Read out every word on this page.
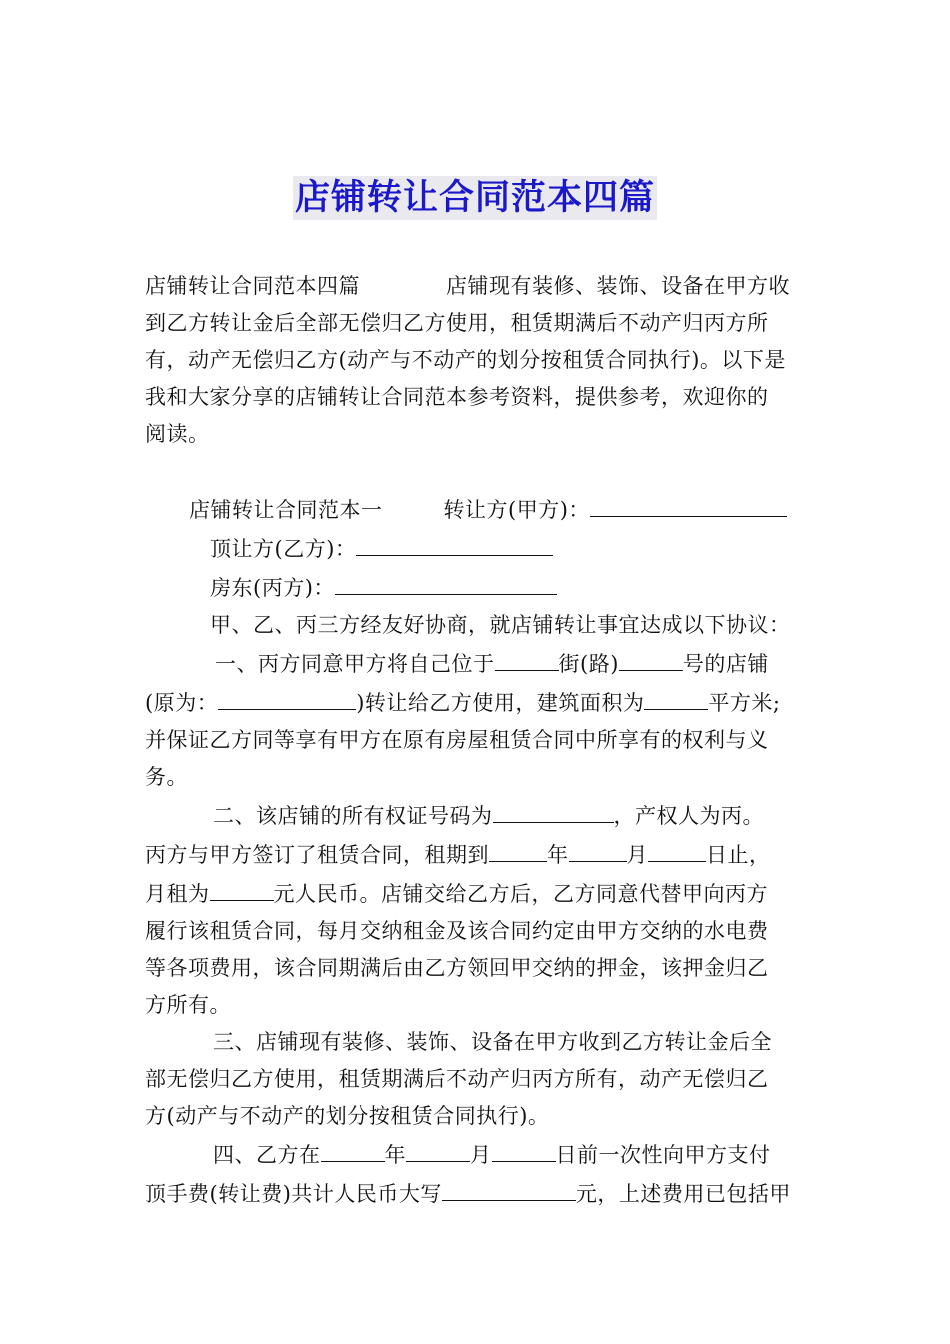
店铺转让合同范本四篇

店铺转让合同范本四篇　　　　店铺现有装修、装饰、设备在甲方收

到乙方转让金后全部无偿归乙方使用，租赁期满后不动产归丙方所

有，动产无偿归乙方(动产与不动产的划分按租赁合同执行)。以下是

我和大家分享的店铺转让合同范本参考资料，提供参考，欢迎你的

阅读。

店铺转让合同范本一	转让方(甲方)：

顶让方(乙方)：

房东(丙方)：

甲、乙、丙三方经友好协商，就店铺转让事宜达成以下协议：

一、丙方同意甲方将自己位于	街(路)	号的店铺

(原为：	)转让给乙方使用，建筑面积为	平方米;

并保证乙方同等享有甲方在原有房屋租赁合同中所享有的权利与义

务。

二、该店铺的所有权证号码为	，产权人为丙。

丙方与甲方签订了租赁合同，租期到	年	月	日止，

月租为	元人民币。店铺交给乙方后，乙方同意代替甲向丙方

履行该租赁合同，每月交纳租金及该合同约定由甲方交纳的水电费

等各项费用，该合同期满后由乙方领回甲交纳的押金，该押金归乙

方所有。

三、店铺现有装修、装饰、设备在甲方收到乙方转让金后全

部无偿归乙方使用，租赁期满后不动产归丙方所有，动产无偿归乙

方(动产与不动产的划分按租赁合同执行)。

四、乙方在	年	月	日前一次性向甲方支付

顶手费(转让费)共计人民币大写	元，上述费用已包括甲
